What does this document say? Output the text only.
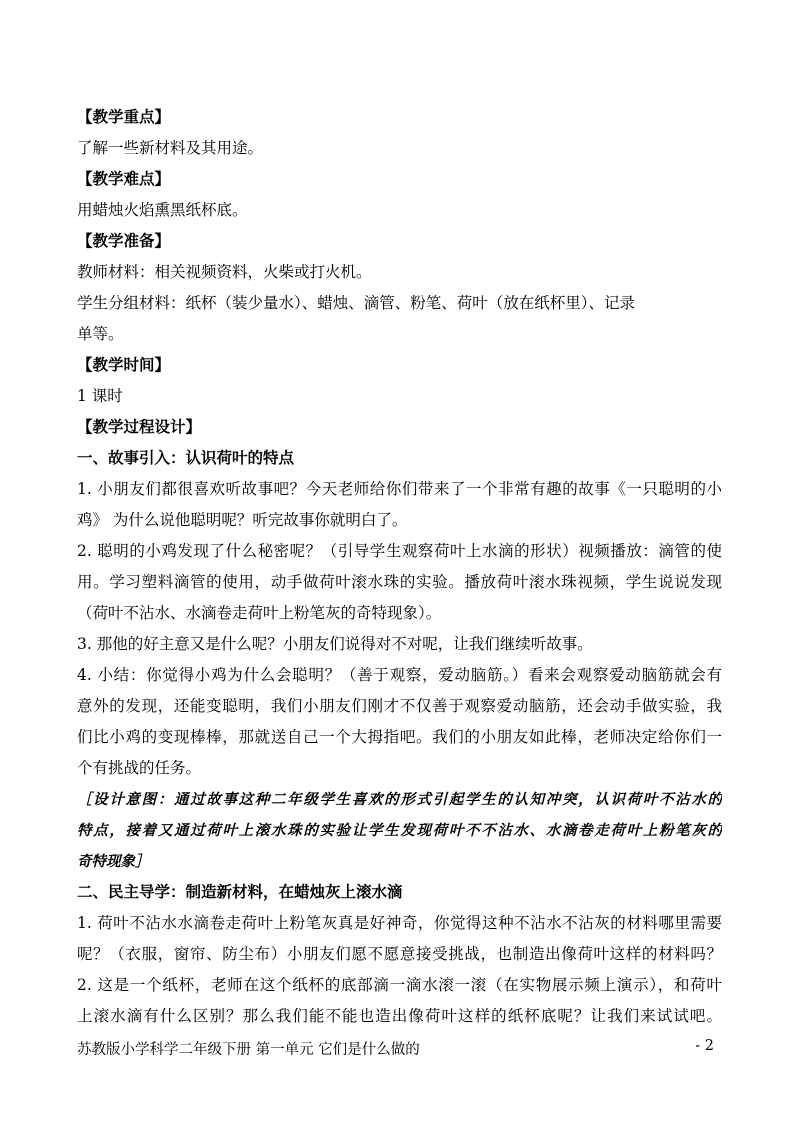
【教学重点】
了解一些新材料及其用途。
【教学难点】
用蜡烛火焰熏黑纸杯底。
【教学准备】
教师材料：相关视频资料，火柴或打火机。
学生分组材料：纸杯（装少量水）、蜡烛、滴管、粉笔、荷叶（放在纸杯里）、记录
单等。
【教学时间】
1 课时
【教学过程设计】
一、故事引入：认识荷叶的特点
1. 小朋友们都很喜欢听故事吧？今天老师给你们带来了一个非常有趣的故事《一只聪明的小
鸡》 为什么说他聪明呢？听完故事你就明白了。
2. 聪明的小鸡发现了什么秘密呢？（引导学生观察荷叶上水滴的形状）视频播放：滴管的使
用。学习塑料滴管的使用，动手做荷叶滚水珠的实验。播放荷叶滚水珠视频，学生说说发现
（荷叶不沾水、水滴卷走荷叶上粉笔灰的奇特现象）。
3. 那他的好主意又是什么呢？小朋友们说得对不对呢，让我们继续听故事。
4. 小结：你觉得小鸡为什么会聪明？（善于观察，爱动脑筋。）看来会观察爱动脑筋就会有
意外的发现，还能变聪明，我们小朋友们刚才不仅善于观察爱动脑筋，还会动手做实验，我
们比小鸡的变现棒棒，那就送自己一个大拇指吧。我们的小朋友如此棒，老师决定给你们一
个有挑战的任务。
［设计意图：通过故事这种二年级学生喜欢的形式引起学生的认知冲突，认识荷叶不沾水的
特点，接着又通过荷叶上滚水珠的实验让学生发现荷叶不不沾水、水滴卷走荷叶上粉笔灰的
奇特现象］
二、民主导学：制造新材料，在蜡烛灰上滚水滴
1. 荷叶不沾水水滴卷走荷叶上粉笔灰真是好神奇，你觉得这种不沾水不沾灰的材料哪里需要
呢？（衣服，窗帘、防尘布）小朋友们愿不愿意接受挑战，也制造出像荷叶这样的材料吗？
2. 这是一个纸杯，老师在这个纸杯的底部滴一滴水滚一滚（在实物展示频上演示），和荷叶
上滚水滴有什么区别？那么我们能不能也造出像荷叶这样的纸杯底呢？让我们来试试吧。
苏教版小学科学二年级下册 第一单元 它们是什么做的	- 2
